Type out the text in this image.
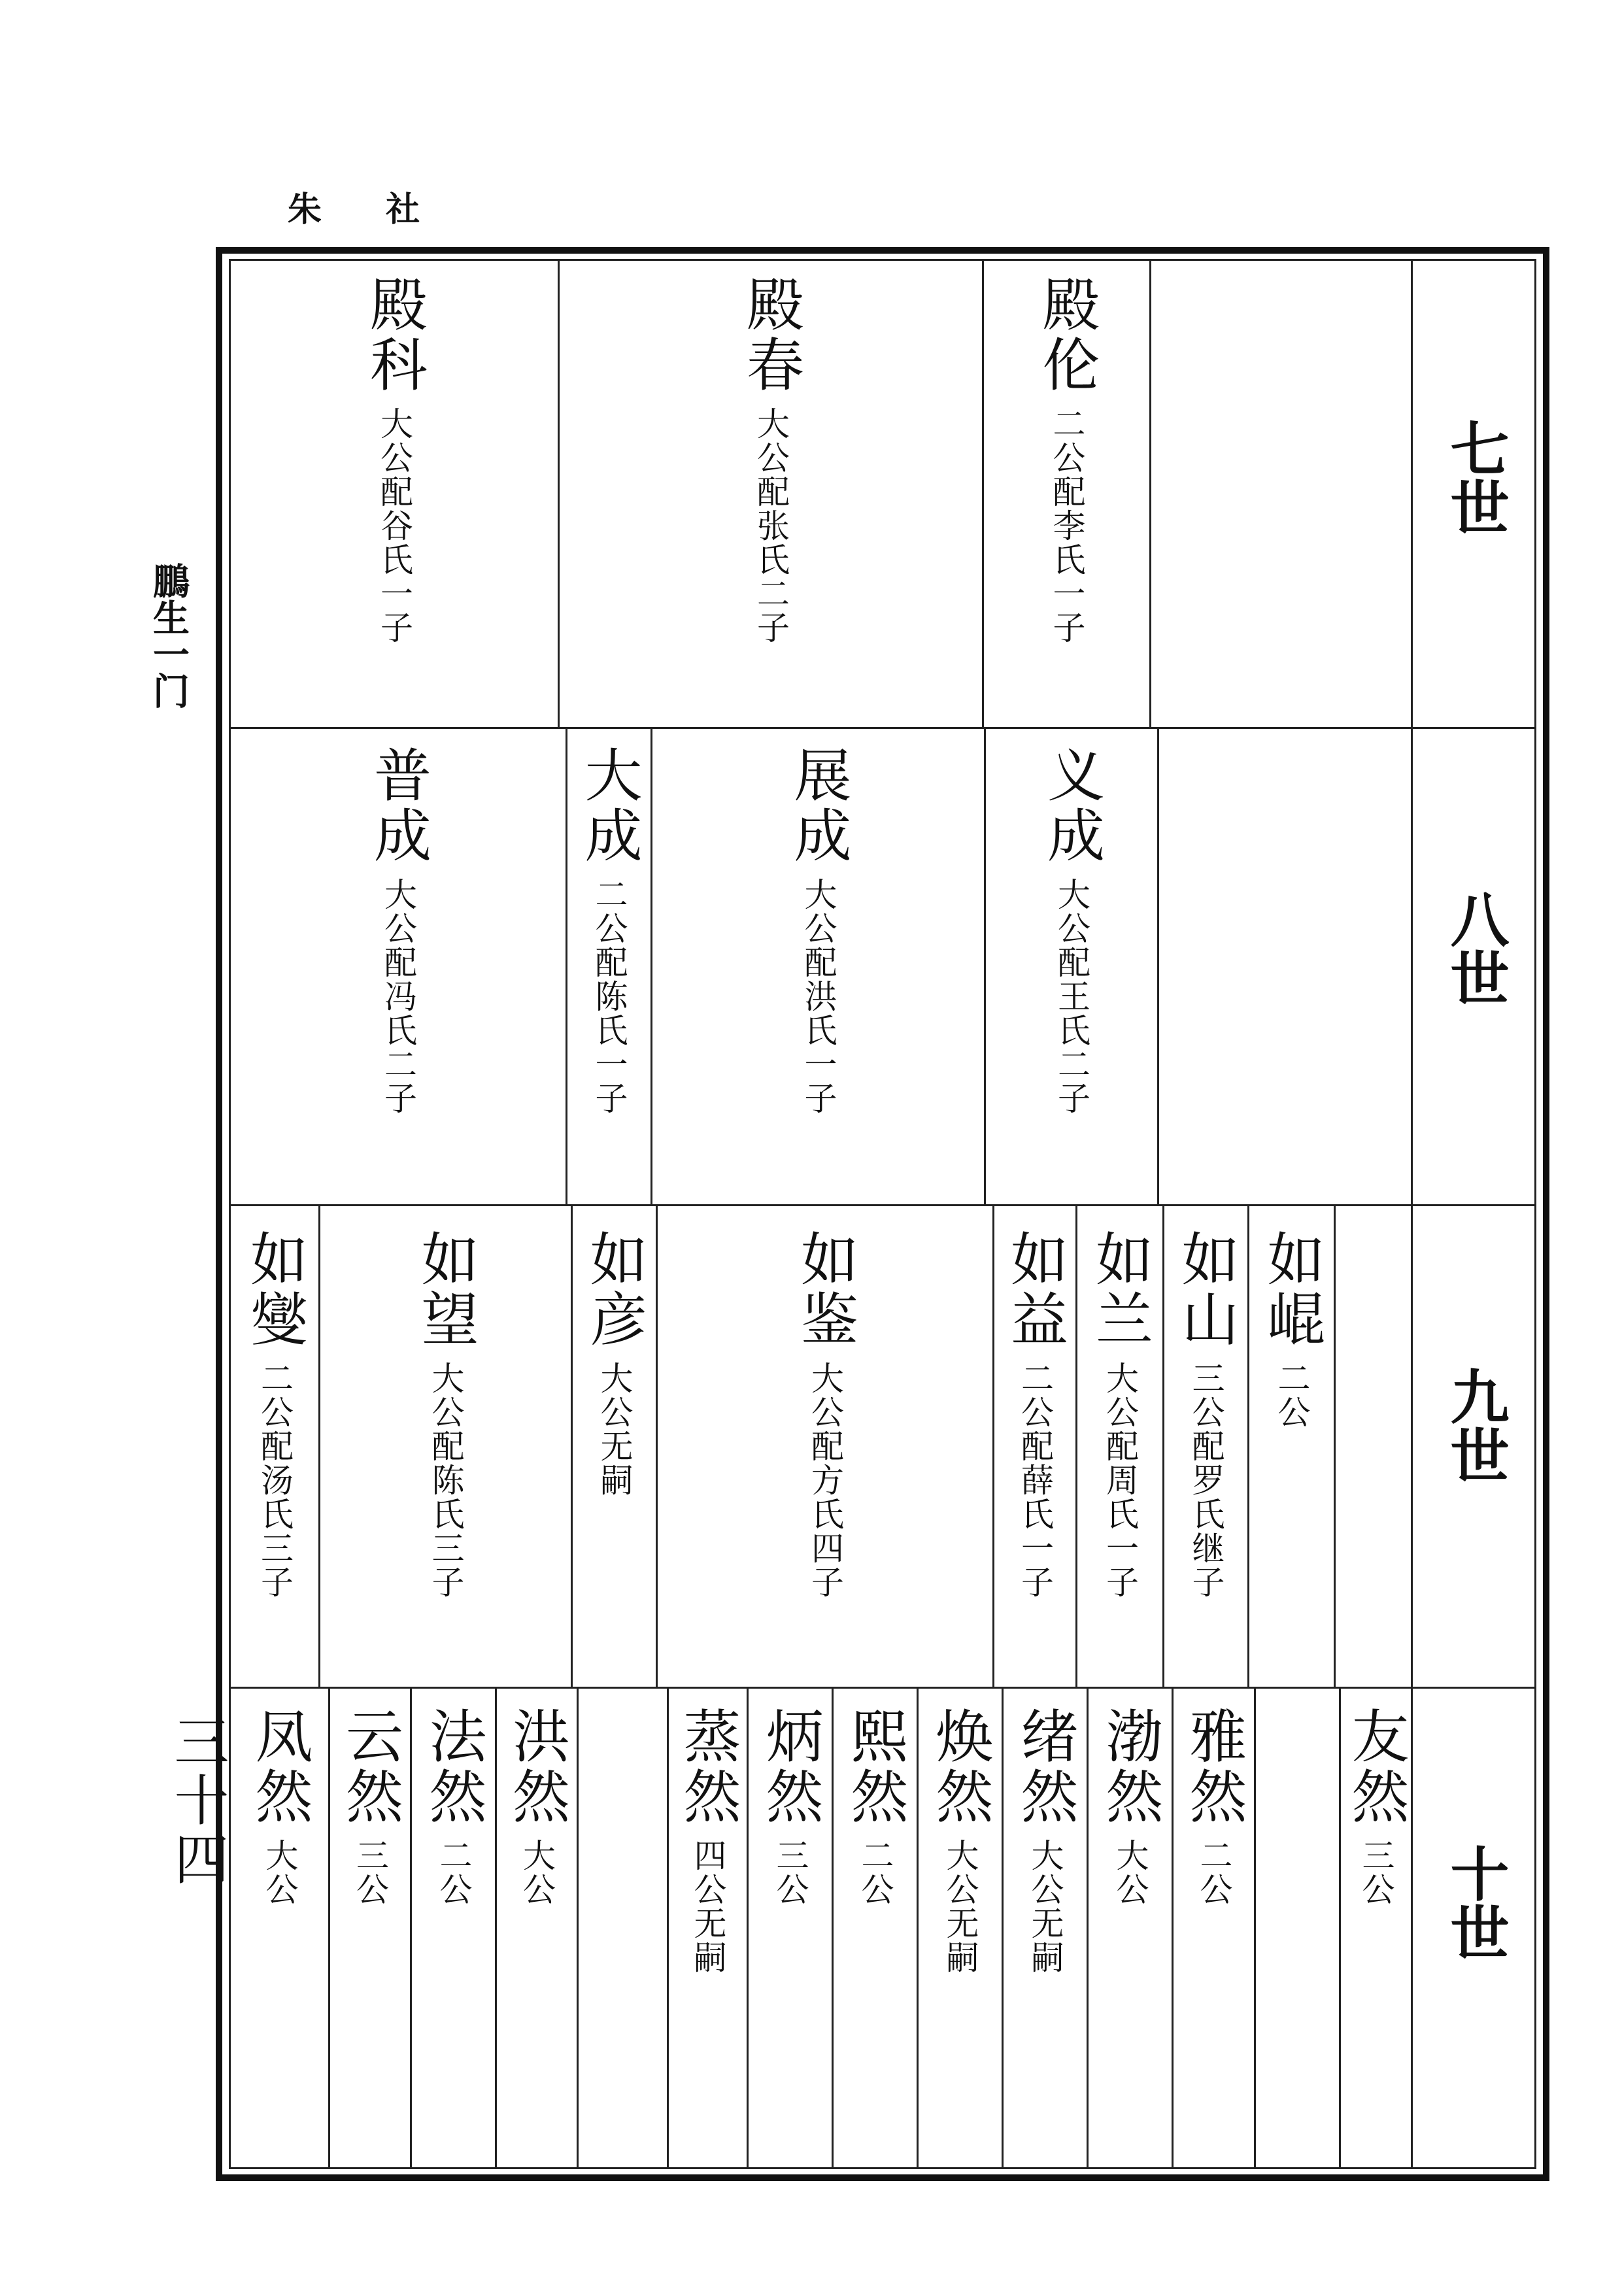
朱 社
鵬生一门
三十四
七世
八世
九世
十世
殿科
大公配谷氏一子
殿春
大公配张氏二子
殿伦
二公配李氏一子
普成
大公配冯氏二子
大成
二公配陈氏一子
展成
大公配洪氏一子
义成
大公配王氏二子
如燮
二公配汤氏三子
如望
大公配陈氏三子
如彦
大公无嗣
如鉴
大公配方氏四子
如益
二公配薛氏一子
如兰
大公配周氏一子
如山
三公配罗氏继子
如崐
二公
凤然
大公
云然
三公
法然
二公
洪然
大公
蒸然
四公无嗣
炳然
三公
熙然
二公
焕然
大公无嗣
绪然
大公无嗣
渤然
大公
雅然
二公
友然
三公
